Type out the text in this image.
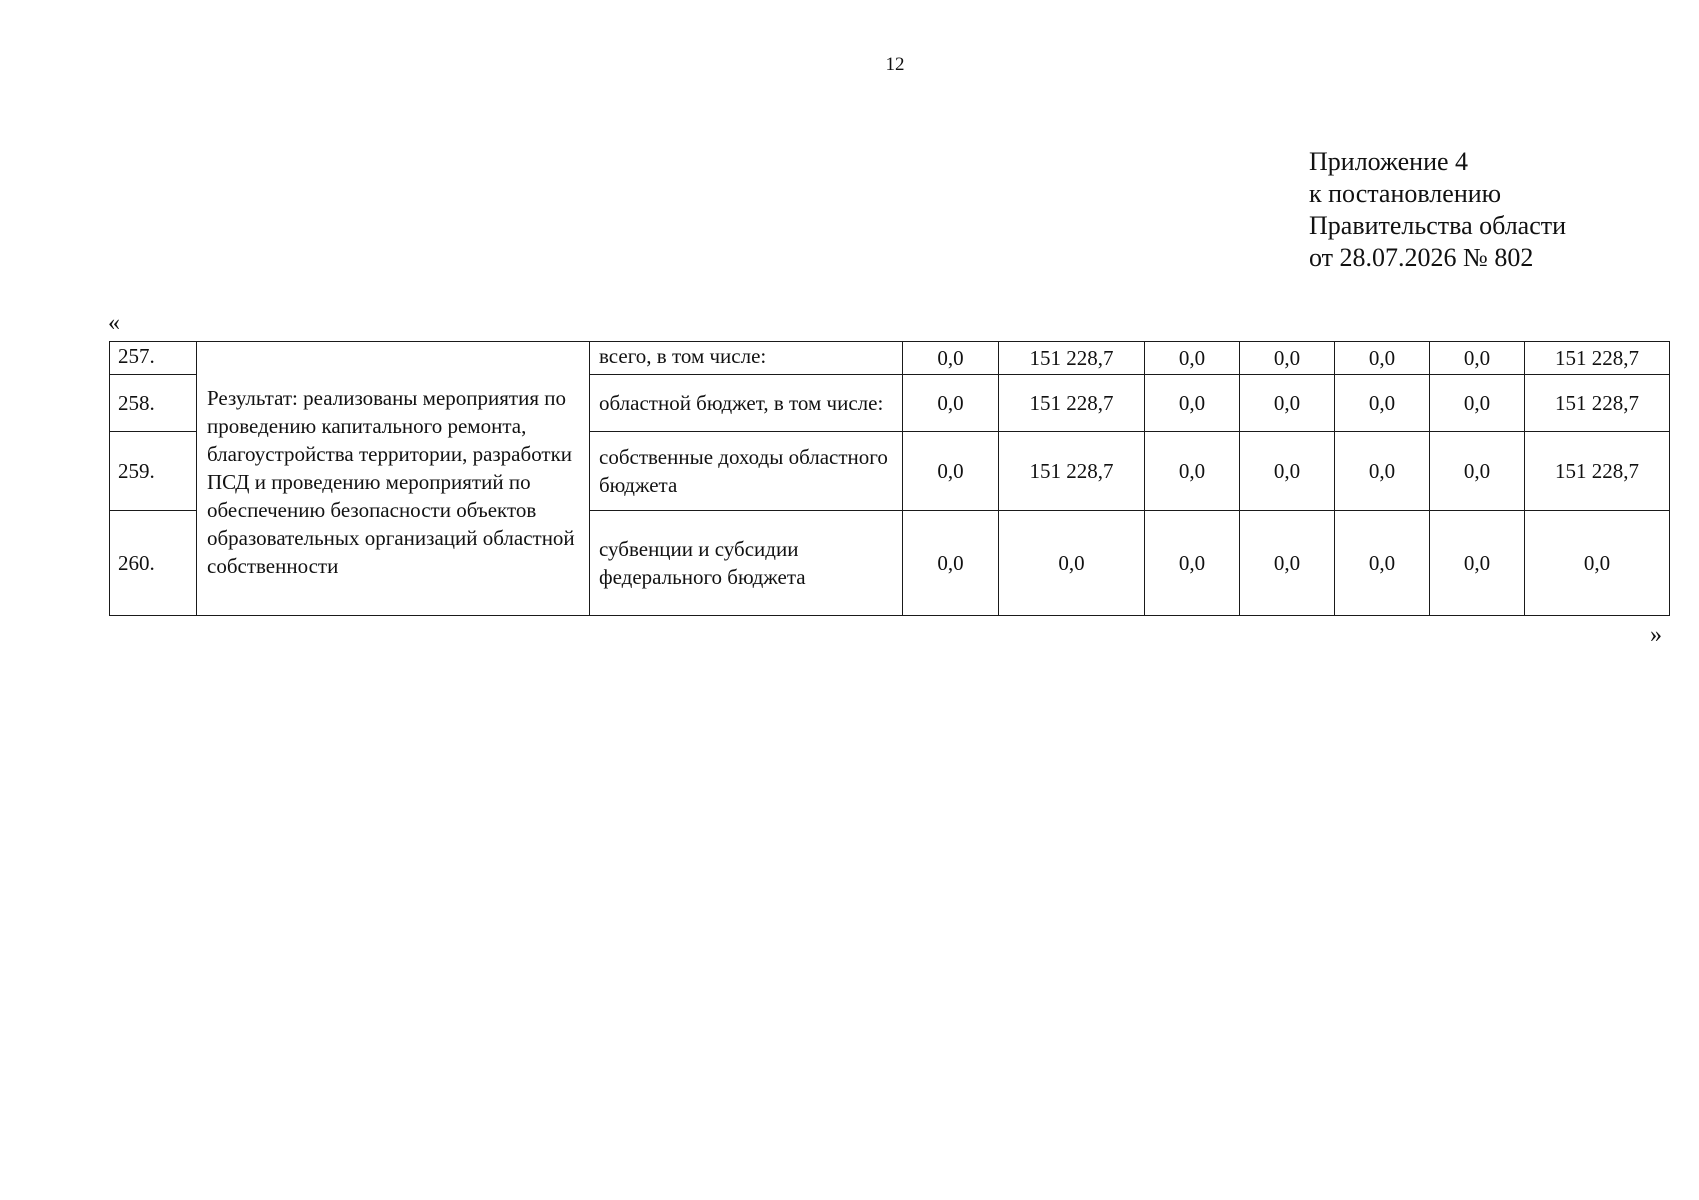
12
Приложение 4
к постановлению
Правительства области
от 28.07.2026 № 802
«
257.	Результат: реализованы мероприятия по проведению капитального ремонта, благоустройства территории, разработки ПСД и проведению мероприятий по обеспечению безопасности объектов образовательных организаций областной собственности	всего, в том числе:	0,0	151 228,7	0,0	0,0	0,0	0,0	151 228,7
258.		областной бюджет, в том числе:	0,0	151 228,7	0,0	0,0	0,0	0,0	151 228,7
259.		собственные доходы областного бюджета	0,0	151 228,7	0,0	0,0	0,0	0,0	151 228,7
260.		субвенции и субсидии федерального бюджета	0,0	0,0	0,0	0,0	0,0	0,0	0,0
»
